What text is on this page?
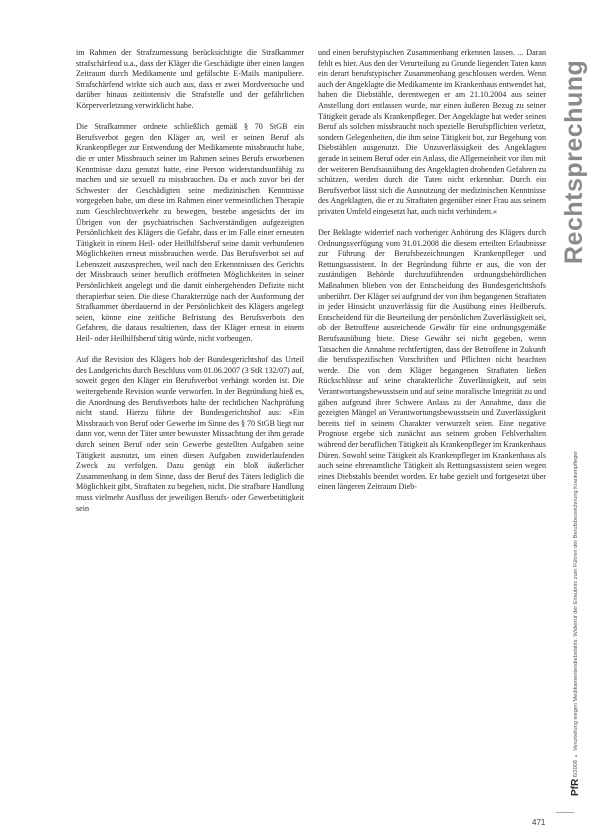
im Rahmen der Strafzumessung berücksichtigte die Strafkammer strafschärfend u.a., dass der Kläger die Geschädigte über einen langen Zeitraum durch Medikamente und gefälschte E-Mails manipuliere. Strafschärfend wirkte sich auch aus, dass er zwei Mordversuche und darüber hinaus zeitintensiv die Strafstelle und der gefährlichen Körperverletzung verwirklicht habe.

Die Strafkammer ordnete schließlich gemäß § 70 StGB ein Berufsverbot gegen den Kläger an, weil er seinen Beruf als Krankenpfleger zur Entwendung der Medikamente missbraucht habe, die er unter Missbrauch seiner im Rahmen seines Berufs erworbenen Kenntnisse dazu genutzt hatte, eine Person widerstandsunfähig zu machen und sie sexuell zu missbrauchen. Da er auch zuvor bei der Schwester der Geschädigten seine medizinischen Kenntnisse vorgegeben habe, um diese im Rahmen einer vermeintlichen Therapie zum Geschlechtsverkehr zu bewegen, bestehe angesichts der im Übrigen von der psychiatrischen Sachverständigen aufgezeigten Persönlichkeit des Klägers die Gefahr, dass er im Falle einer erneuten Tätigkeit in einem Heil- oder Heilhilfsberuf seine damit verbundenen Möglichkeiten erneut missbrauchen werde. Das Berufsverbot sei auf Lebenszeit auszusprechen, weil nach den Erkenntnissen des Gerichts der Missbrauch seiner beruflich eröffneten Möglichkeiten in seiner Persönlichkeit angelegt und die damit einhergehenden Defizite nicht therapierbar seien. Die diese Charakterzüge nach der Ausformung der Strafkammer überdauernd in der Persönlichkeit des Klägers angelegt seien, könne eine zeitliche Befristung des Berufsverbots den Gefahren, die daraus resultierten, dass der Kläger erneut in einem Heil- oder Heilhilfsberuf tätig würde, nicht vorbeugen.

Auf die Revision des Klägers hob der Bundesgerichtshof das Urteil des Landgerichts durch Beschluss vom 01.06.2007 (3 StR 132/07) auf, soweit gegen den Kläger ein Berufsverbot verhängt worden ist. Die weitergehende Revision wurde verworfen. In der Begründung hieß es, die Anordnung des Berufsverbots halte der rechtlichen Nachprüfung nicht stand. Hierzu führte der Bundesgerichtshof aus: »Ein Missbrauch von Beruf oder Gewerbe im Sinne des § 70 StGB liegt nur dann vor, wenn der Täter unter bewusster Missachtung der ihm gerade durch seinen Beruf oder sein Gewerbe gestellten Aufgaben seine Tätigkeit ausnutzt, um einen diesen Aufgaben zuwiderlaufenden Zweck zu verfolgen. Dazu genügt ein bloß äußerlicher Zusammenhang in dem Sinne, dass der Beruf des Täters lediglich die Möglichkeit gibt, Straftaten zu begehen, nicht. Die strafbare Handlung muss vielmehr Ausfluss der jeweiligen Berufs- oder Gewerbetätigkeit sein

und einen berufstypischen Zusammenhang erkennen lassen. ... Daran fehlt es hier. Aus den der Verurteilung zu Grunde liegenden Taten kann ein derart berufstypischer Zusammenhang geschlossen werden. Wenn auch der Angeklagte die Medikamente im Krankenhaus entwendet hat, haben die Diebstähle, derentwegen er am 21.10.2004 aus seiner Anstellung dort entlassen wurde, nur einen äußeren Bezug zu seiner Tätigkeit gerade als Krankenpfleger. Der Angeklagte hat weder seinen Beruf als solchen missbraucht noch spezielle Berufspflichten verletzt, sondern Gelegenheiten, die ihm seine Tätigkeit bot, zur Begehung von Diebstählen ausgenutzt. Die Unzuverlässigkeit des Angeklagten gerade in seinem Beruf oder ein Anlass, die Allgemeinheit vor ihm mit der weiteren Berufsausübung des Angeklagten drohenden Gefahren zu schützen, werden durch die Taten nicht erkennbar. Durch ein Berufsverbot lässt sich die Ausnutzung der medizinischen Kenntnisse des Angeklagten, die er zu Straftaten gegenüber einer Frau aus seinem privaten Umfeld eingesetzt hat, auch nicht verhindern.«

Der Beklagte widerrief nach vorheriger Anhörung des Klägers durch Ordnungsverfügung vom 31.01.2008 die diesem erteilten Erlaubnisse zur Führung der Berufsbezeichnungen Krankenpfleger und Rettungsassistent. In der Begründung führte er aus, die von der zuständigen Behörde durchzuführenden ordnungsbehördlichen Maßnahmen blieben von der Entscheidung des Bundesgerichtshofs unberührt. Der Kläger sei aufgrund der von ihm begangenen Straftaten in jeder Hinsicht unzuverlässig für die Ausübung eines Heilberufs. Entscheidend für die Beurteilung der persönlichen Zuverlässigkeit sei, ob der Betroffene ausreichende Gewähr für eine ordnungsgemäße Berufsausübung biete. Diese Gewähr sei nicht gegeben, wenn Tatsachen die Annahme rechtfertigten, dass der Betroffene in Zukunft die berufsspezifischen Vorschriften und Pflichten nicht beachten werde. Die von dem Kläger begangenen Straftaten ließen Rückschlüsse auf seine charakterliche Zuverlässigkeit, auf sein Verantwortungsbewusstsein und auf seine moralische Integrität zu und gäben aufgrund ihrer Schwere Anlass zu der Annahme, dass die gezeigten Mängel an Verantwortungsbewusstsein und Zuverlässigkeit bereits tief in seinem Charakter verwurzelt seien. Eine negative Prognose ergebe sich zunächst aus seinem groben Fehlverhalten während der beruflichen Tätigkeit als Krankenpfleger im Krankenhaus Düren. Sowohl seine Tätigkeit als Krankenpfleger im Krankenhaus als auch seine ehrenamtliche Tätigkeit als Rettungsassistent seien wegen eines Diebstahls beendet worden. Er habe gezielt und fortgesetzt über einen längeren Zeitraum Dieb-

Rechtsprechung
PfR 6/2008 ▪ Verurteilung wegen Medikamentendiebstahls: Widerruf der Erlaubnis zum Führen der Berufsbezeichnung Krankenpfleger
471
